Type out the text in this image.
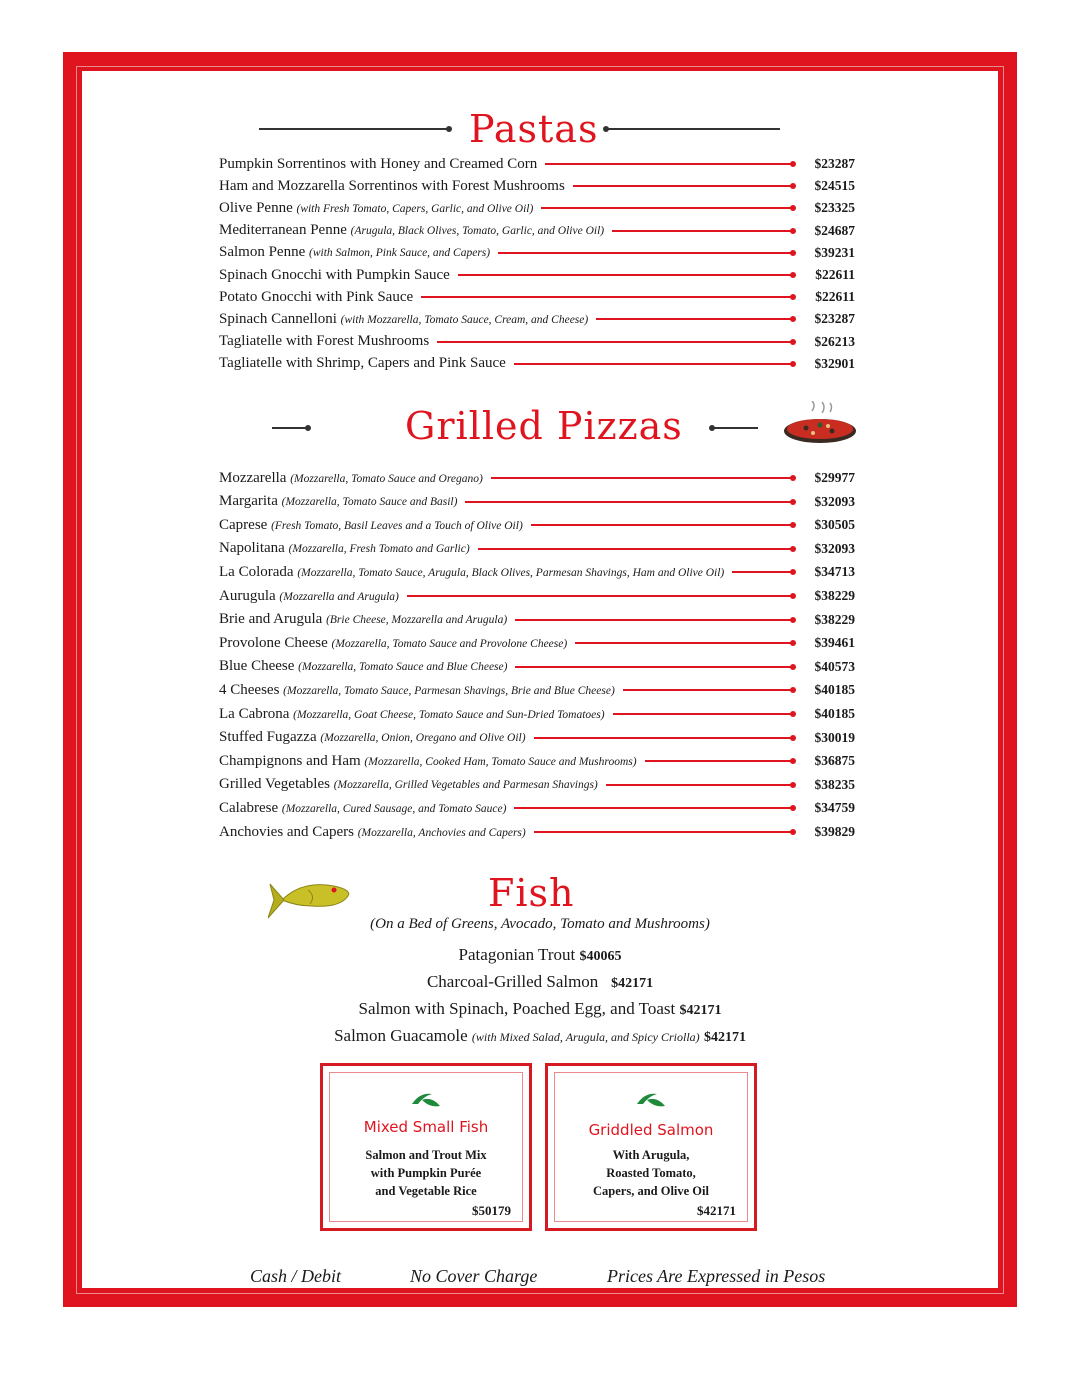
Pastas
Pumpkin Sorrentinos with Honey and Creamed Corn	$23287
Ham and Mozzarella Sorrentinos with Forest Mushrooms	$24515
Olive Penne (with Fresh Tomato, Capers, Garlic, and Olive Oil)	$23325
Mediterranean Penne (Arugula, Black Olives, Tomato, Garlic, and Olive Oil)	$24687
Salmon Penne (with Salmon, Pink Sauce, and Capers)	$39231
Spinach Gnocchi with Pumpkin Sauce	$22611
Potato Gnocchi with Pink Sauce	$22611
Spinach Cannelloni (with Mozzarella, Tomato Sauce, Cream, and Cheese)	$23287
Tagliatelle with Forest Mushrooms	$26213
Tagliatelle with Shrimp, Capers and Pink Sauce	$32901
Grilled Pizzas
Mozzarella (Mozzarella, Tomato Sauce and Oregano)	$29977
Margarita (Mozzarella, Tomato Sauce and Basil)	$32093
Caprese (Fresh Tomato, Basil Leaves and a Touch of Olive Oil)	$30505
Napolitana (Mozzarella, Fresh Tomato and Garlic)	$32093
La Colorada (Mozzarella, Tomato Sauce, Arugula, Black Olives, Parmesan Shavings, Ham and Olive Oil)	$34713
Aurugula (Mozzarella and Arugula)	$38229
Brie and Arugula (Brie Cheese, Mozzarella and Arugula)	$38229
Provolone Cheese (Mozzarella, Tomato Sauce and Provolone Cheese)	$39461
Blue Cheese (Mozzarella, Tomato Sauce and Blue Cheese)	$40573
4 Cheeses (Mozzarella, Tomato Sauce, Parmesan Shavings, Brie and Blue Cheese)	$40185
La Cabrona (Mozzarella, Goat Cheese, Tomato Sauce and Sun-Dried Tomatoes)	$40185
Stuffed Fugazza (Mozzarella, Onion, Oregano and Olive Oil)	$30019
Champignons and Ham (Mozzarella, Cooked Ham, Tomato Sauce and Mushrooms)	$36875
Grilled Vegetables (Mozzarella, Grilled Vegetables and Parmesan Shavings)	$38235
Calabrese (Mozzarella, Cured Sausage, and Tomato Sauce)	$34759
Anchovies and Capers (Mozzarella, Anchovies and Capers)	$39829
Fish
(On a Bed of Greens, Avocado, Tomato and Mushrooms)
Patagonian Trout $40065
Charcoal-Grilled Salmon $42171
Salmon with Spinach, Poached Egg, and Toast $42171
Salmon Guacamole (with Mixed Salad, Arugula, and Spicy Criolla) $42171
Mixed Small Fish
Salmon and Trout Mix
with Pumpkin Purée
and Vegetable Rice
$50179
Griddled Salmon
With Arugula,
Roasted Tomato,
Capers, and Olive Oil
$42171
Cash / Debit	No Cover Charge	Prices Are Expressed in Pesos
